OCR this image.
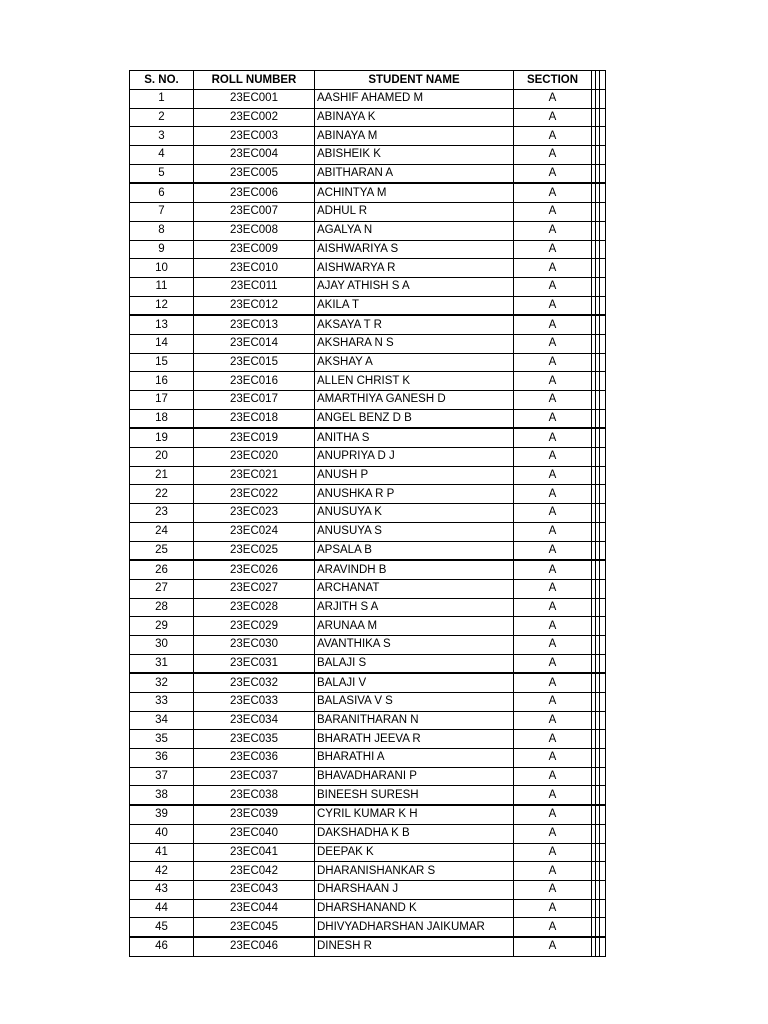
S. NO.	ROLL NUMBER	STUDENT NAME	SECTION			
1	23EC001	AASHIF AHAMED M	A			
2	23EC002	ABINAYA K	A			
3	23EC003	ABINAYA M	A			
4	23EC004	ABISHEIK K	A			
5	23EC005	ABITHARAN A	A			
6	23EC006	ACHINTYA M	A			
7	23EC007	ADHUL R	A			
8	23EC008	AGALYA N	A			
9	23EC009	AISHWARIYA S	A			
10	23EC010	AISHWARYA R	A			
11	23EC011	AJAY ATHISH S A	A			
12	23EC012	AKILA T	A			
13	23EC013	AKSAYA T R	A			
14	23EC014	AKSHARA N S	A			
15	23EC015	AKSHAY A	A			
16	23EC016	ALLEN CHRIST K	A			
17	23EC017	AMARTHIYA GANESH D	A			
18	23EC018	ANGEL BENZ D B	A			
19	23EC019	ANITHA S	A			
20	23EC020	ANUPRIYA D J	A			
21	23EC021	ANUSH P	A			
22	23EC022	ANUSHKA R P	A			
23	23EC023	ANUSUYA K	A			
24	23EC024	ANUSUYA S	A			
25	23EC025	APSALA B	A			
26	23EC026	ARAVINDH B	A			
27	23EC027	ARCHANAT	A			
28	23EC028	ARJITH S A	A			
29	23EC029	ARUNAA M	A			
30	23EC030	AVANTHIKA S	A			
31	23EC031	BALAJI S	A			
32	23EC032	BALAJI V	A			
33	23EC033	BALASIVA V S	A			
34	23EC034	BARANITHARAN N	A			
35	23EC035	BHARATH JEEVA R	A			
36	23EC036	BHARATHI A	A			
37	23EC037	BHAVADHARANI P	A			
38	23EC038	BINEESH SURESH	A			
39	23EC039	CYRIL KUMAR K H	A			
40	23EC040	DAKSHADHA K B	A			
41	23EC041	DEEPAK K	A			
42	23EC042	DHARANISHANKAR S	A			
43	23EC043	DHARSHAAN J	A			
44	23EC044	DHARSHANAND K	A			
45	23EC045	DHIVYADHARSHAN JAIKUMAR	A			
46	23EC046	DINESH R	A			
